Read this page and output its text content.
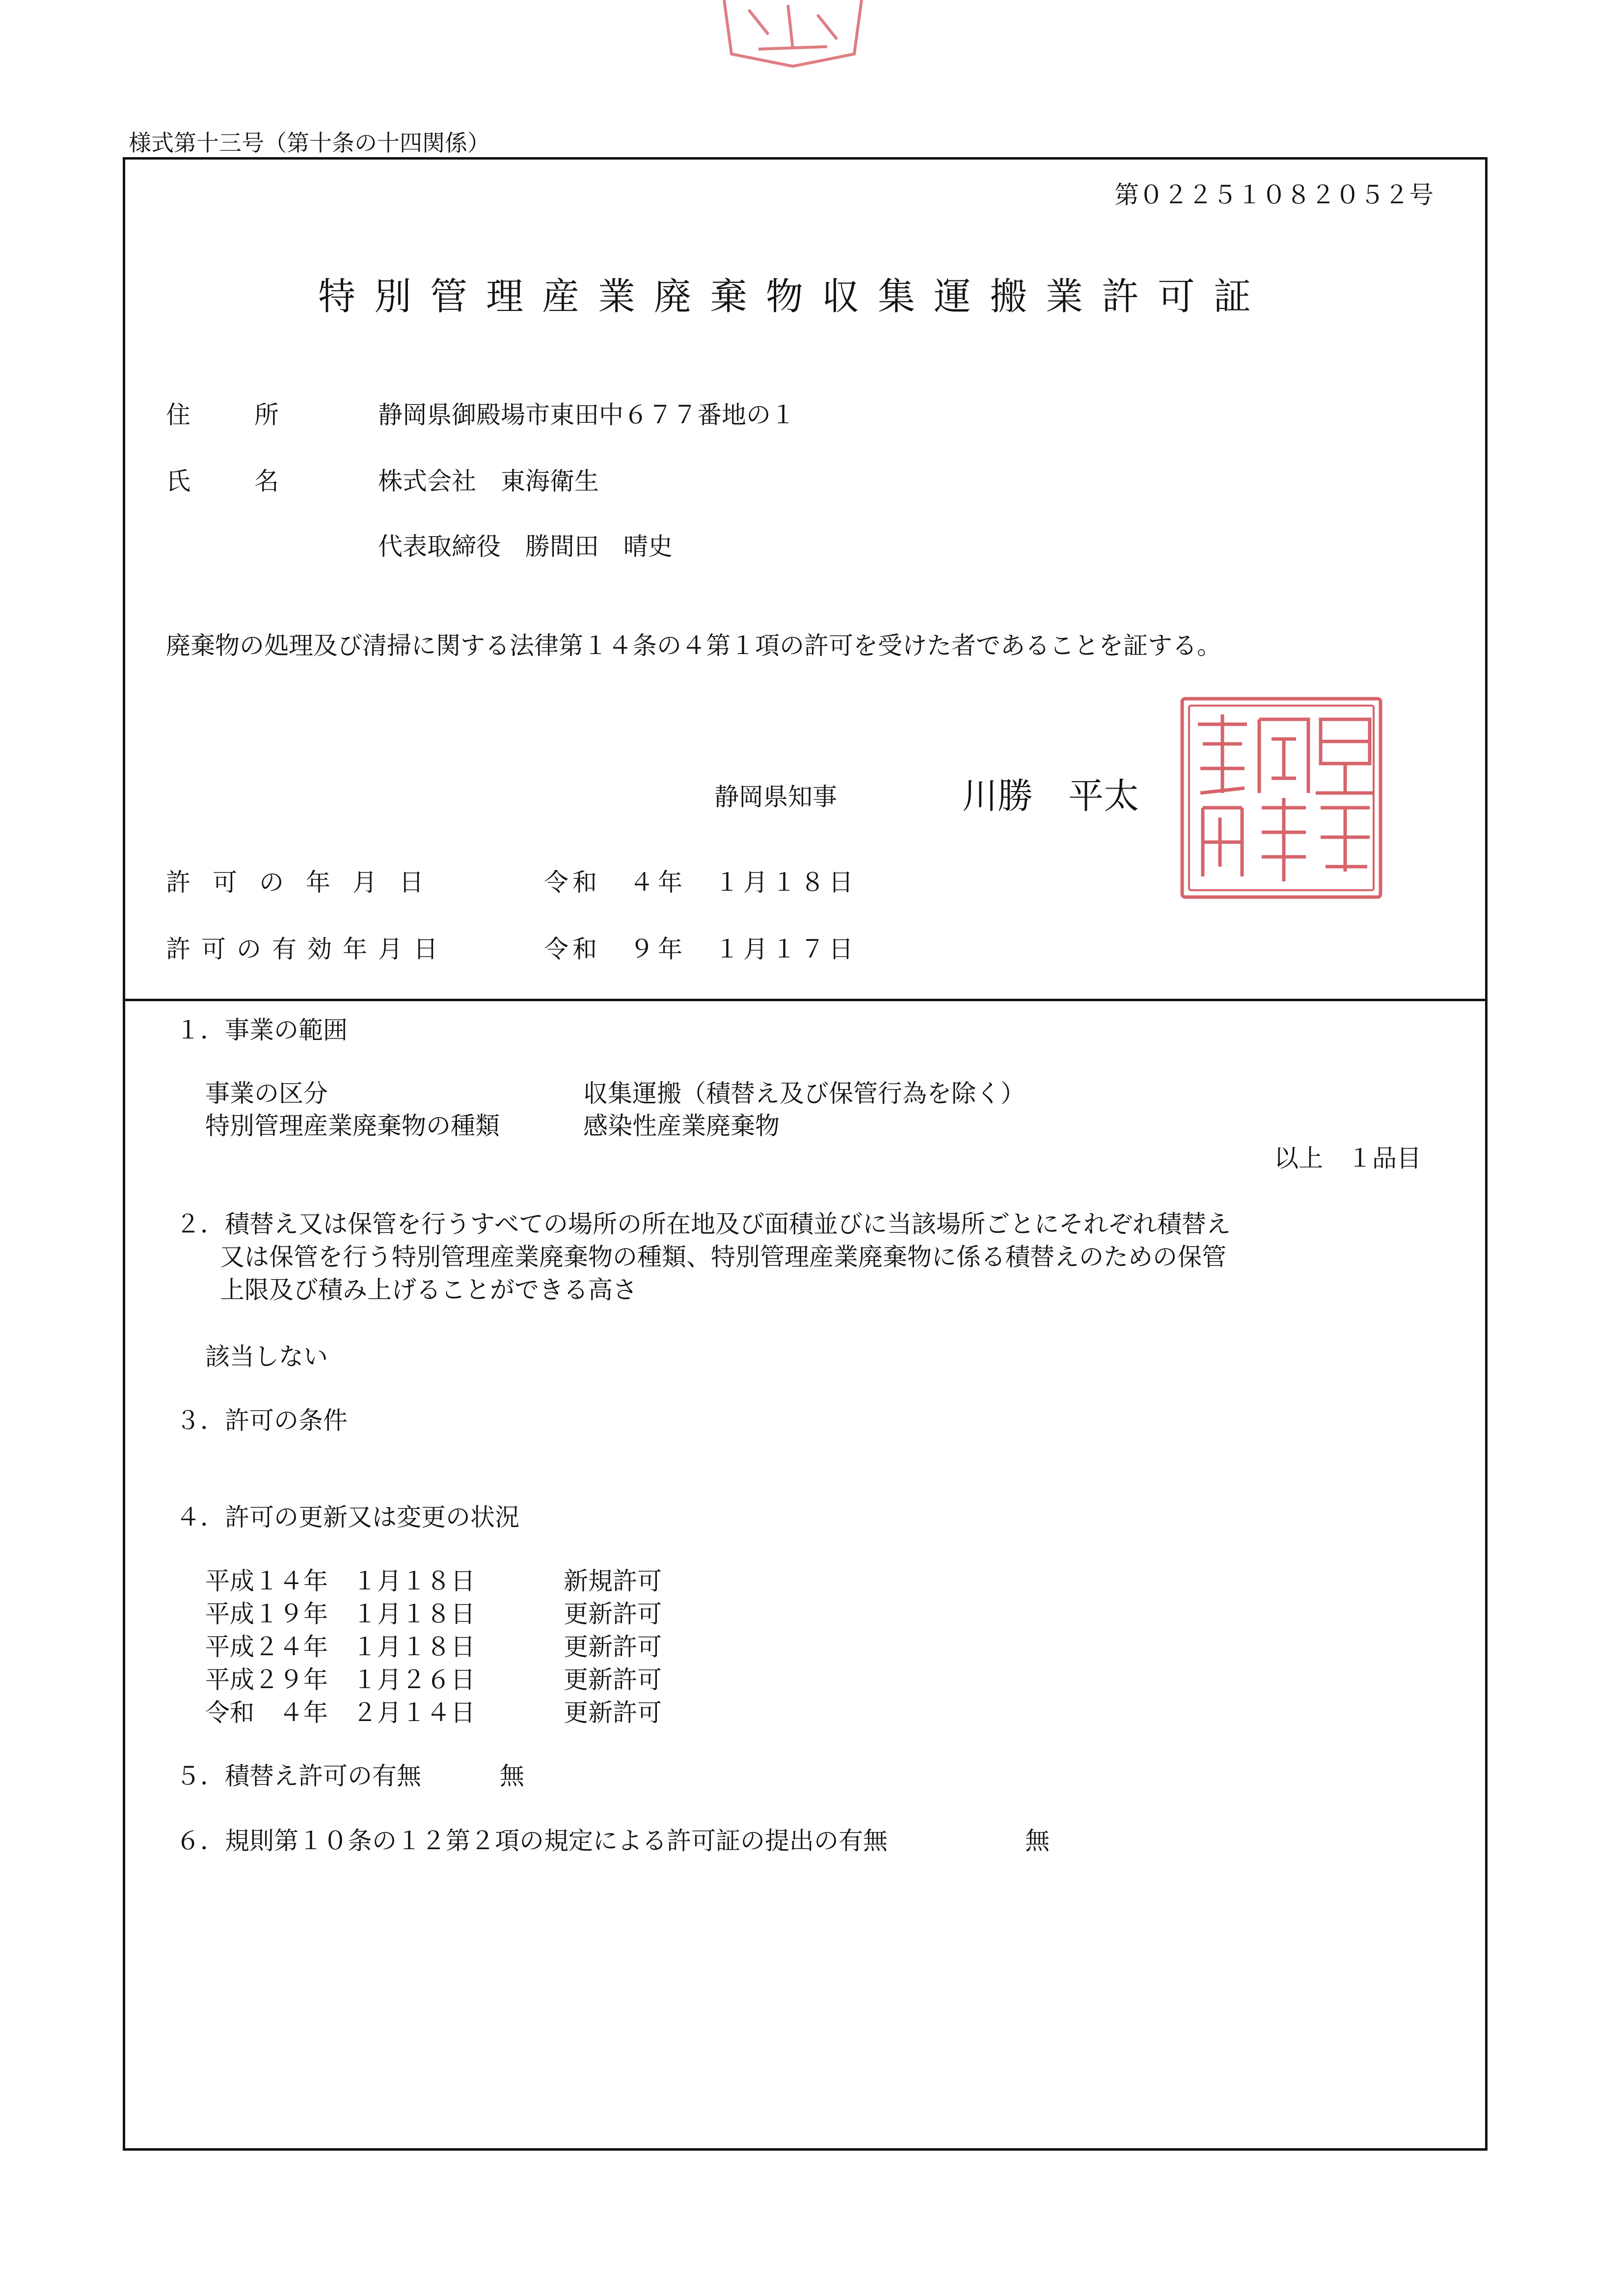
様式第十三号（第十条の十四関係）
第０２２５１０８２０５２号
特別管理産業廃棄物収集運搬業許可証
住　所	静岡県御殿場市東田中６７７番地の１
氏　名	株式会社　東海衛生
代表取締役　勝間田　晴史
廃棄物の処理及び清掃に関する法律第１４条の４第１項の許可を受けた者であることを証する。
静岡県知事	川勝　平太
許可の年月日	令和　４年　１月１８日
許可の有効年月日	令和　９年　１月１７日
１．事業の範囲
事業の区分	収集運搬（積替え及び保管行為を除く）
特別管理産業廃棄物の種類	感染性産業廃棄物
以上　１品目
２．積替え又は保管を行うすべての場所の所在地及び面積並びに当該場所ごとにそれぞれ積替え
又は保管を行う特別管理産業廃棄物の種類、特別管理産業廃棄物に係る積替えのための保管
上限及び積み上げることができる高さ
該当しない
３．許可の条件
４．許可の更新又は変更の状況
平成１４年　１月１８日	新規許可
平成１９年　１月１８日	更新許可
平成２４年　１月１８日	更新許可
平成２９年　１月２６日	更新許可
令和　４年　２月１４日	更新許可
５．積替え許可の有無	無
６．規則第１０条の１２第２項の規定による許可証の提出の有無	無
